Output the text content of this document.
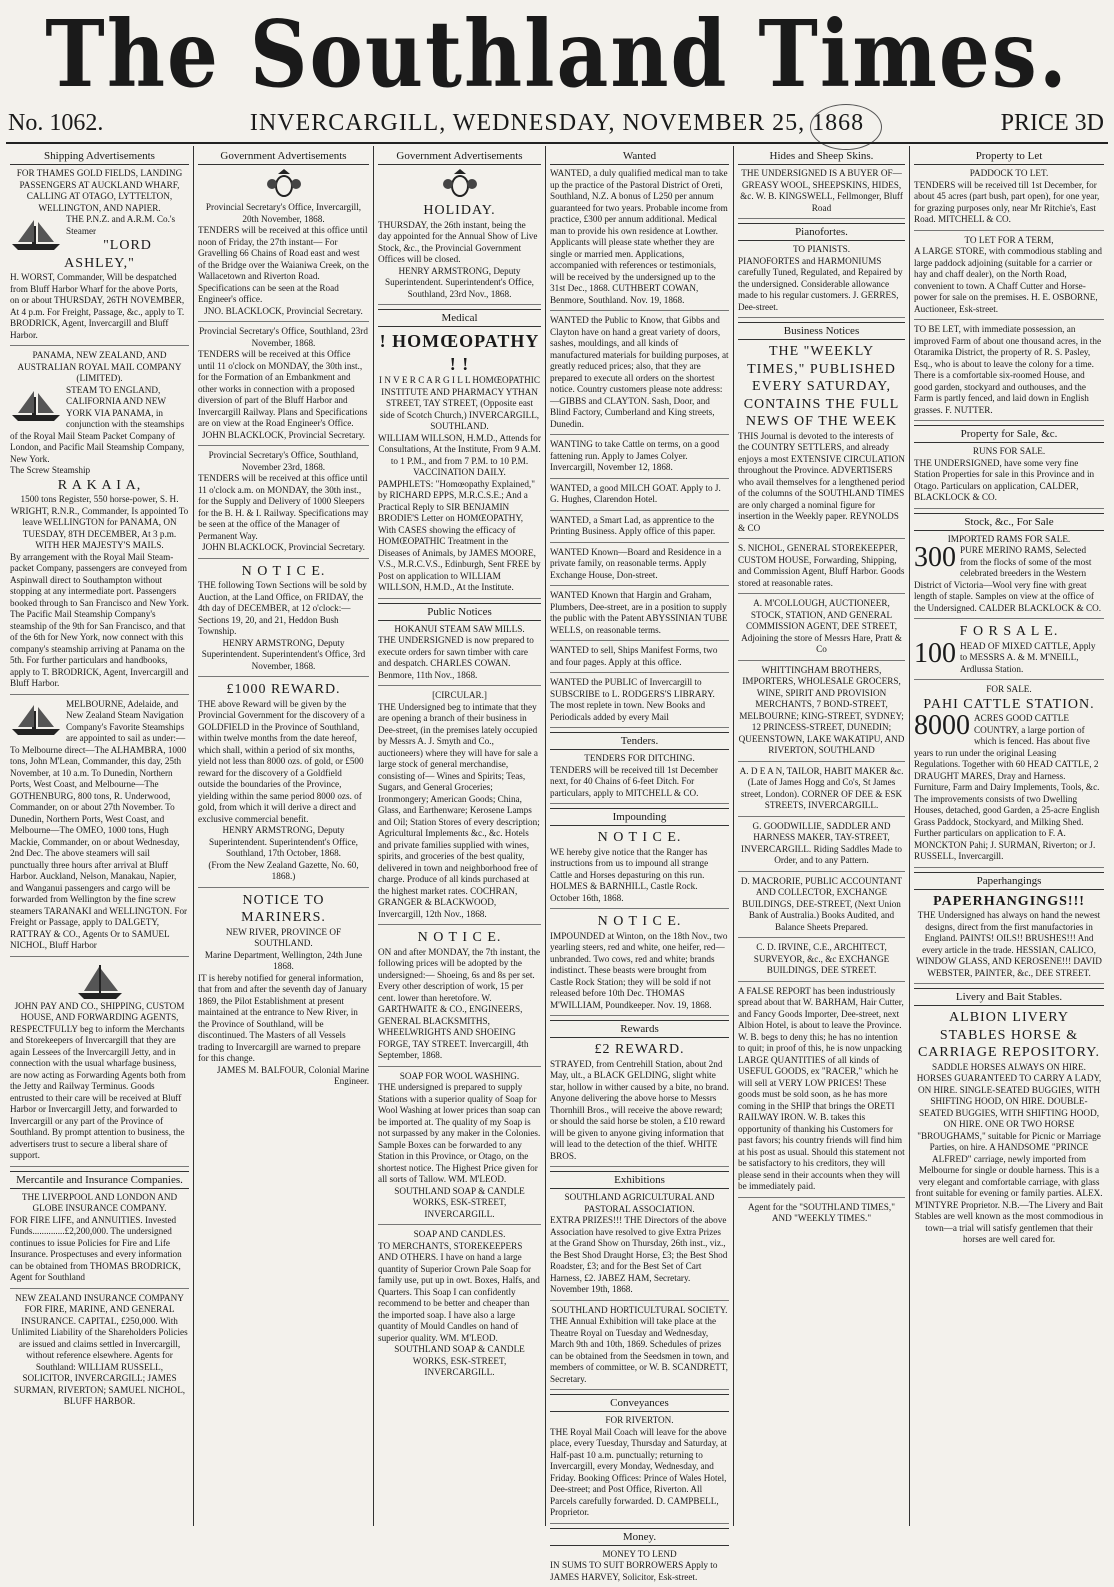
The Southland Times.
No. 1062.	INVERCARGILL, WEDNESDAY, NOVEMBER 25, 1868	PRICE 3D
Shipping Advertisements

FOR THAMES GOLD FIELDS, LANDING PASSENGERS AT AUCKLAND WHARF, CALLING AT OTAGO, LYTTELTON, WELLINGTON, AND NAPIER.

THE P.N.Z. and A.R.M. Co.'s Steamer

"LORD ASHLEY,"

H. WORST, Commander, Will be despatched from Bluff Harbor Wharf for the above Ports, on or about THURSDAY, 26TH NOVEMBER, At 4 p.m. For Freight, Passage, &c., apply to T. BRODRICK, Agent, Invercargill and Bluff Harbor.

PANAMA, NEW ZEALAND, AND AUSTRALIAN ROYAL MAIL COMPANY (LIMITED).

STEAM TO ENGLAND, CALIFORNIA AND NEW YORK VIA PANAMA, in conjunction with the steamships of the Royal Mail Steam Packet Company of London, and Pacific Mail Steamship Company, New York.

The Screw Steamship

R A K A I A,

1500 tons Register, 550 horse-power, S. H. WRIGHT, R.N.R., Commander, Is appointed To leave WELLINGTON for PANAMA, ON TUESDAY, 8TH DECEMBER, At 3 p.m. WITH HER MAJESTY'S MAILS.

By arrangement with the Royal Mail Steam-packet Company, passengers are conveyed from Aspinwall direct to Southampton without stopping at any intermediate port. Passengers booked through to San Francisco and New York. The Pacific Mail Steamship Company's steamship of the 9th for San Francisco, and that of the 6th for New York, now connect with this company's steamship arriving at Panama on the 5th. For further particulars and handbooks, apply to T. BRODRICK, Agent, Invercargill and Bluff Harbor.

MELBOURNE, Adelaide, and New Zealand Steam Navigation Company's Favorite Steamships are appointed to sail as under:— To Melbourne direct—The ALHAMBRA, 1000 tons, John M'Lean, Commander, this day, 25th November, at 10 a.m. To Dunedin, Northern Ports, West Coast, and Melbourne—The GOTHENBURG, 800 tons, R. Underwood, Commander, on or about 27th November. To Dunedin, Northern Ports, West Coast, and Melbourne—The OMEO, 1000 tons, Hugh Mackie, Commander, on or about Wednesday, 2nd Dec. The above steamers will sail punctually three hours after arrival at Bluff Harbor. Auckland, Nelson, Manakau, Napier, and Wanganui passengers and cargo will be forwarded from Wellington by the fine screw steamers TARANAKI and WELLINGTON. For Freight or Passage, apply to DALGETY, RATTRAY & CO., Agents Or to SAMUEL NICHOL, Bluff Harbor

JOHN PAY AND CO., SHIPPING, CUSTOM HOUSE, AND FORWARDING AGENTS,

RESPECTFULLY beg to inform the Merchants and Storekeepers of Invercargill that they are again Lessees of the Invercargill Jetty, and in connection with the usual wharfage business, are now acting as Forwarding Agents both from the Jetty and Railway Terminus. Goods entrusted to their care will be received at Bluff Harbor or Invercargill Jetty, and forwarded to Invercargill or any part of the Province of Southland. By prompt attention to business, the advertisers trust to secure a liberal share of support.

Mercantile and Insurance Companies.

THE LIVERPOOL AND LONDON AND GLOBE INSURANCE COMPANY.

FOR FIRE LIFE, and ANNUITIES. Invested Funds..............£2,200,000. The undersigned continues to issue Policies for Fire and Life Insurance. Prospectuses and every information can be obtained from THOMAS BRODRICK, Agent for Southland

NEW ZEALAND INSURANCE COMPANY FOR FIRE, MARINE, AND GENERAL INSURANCE. CAPITAL, £250,000. With Unlimited Liability of the Shareholders Policies are issued and claims settled in Invercargill, without reference elsewhere. Agents for Southland: WILLIAM RUSSELL, SOLICITOR, INVERCARGILL; JAMES SURMAN, RIVERTON; SAMUEL NICHOL, BLUFF HARBOR.

Government Advertisements

Provincial Secretary's Office, Invercargill, 20th November, 1868.

TENDERS will be received at this office until noon of Friday, the 27th instant— For Gravelling 66 Chains of Road east and west of the Bridge over the Waianiwa Creek, on the Wallacetown and Riverton Road. Specifications can be seen at the Road Engineer's office.

JNO. BLACKLOCK, Provincial Secretary.

Provincial Secretary's Office, Southland, 23rd November, 1868.

TENDERS will be received at this Office until 11 o'clock on MONDAY, the 30th inst., for the Formation of an Embankment and other works in connection with a proposed diversion of part of the Bluff Harbor and Invercargill Railway. Plans and Specifications are on view at the Road Engineer's Office.

JOHN BLACKLOCK, Provincial Secretary.

Provincial Secretary's Office, Southland, November 23rd, 1868.

TENDERS will be received at this office until 11 o'clock a.m. on MONDAY, the 30th inst., for the Supply and Delivery of 1000 Sleepers for the B. H. & I. Railway. Specifications may be seen at the office of the Manager of Permanent Way.

JOHN BLACKLOCK, Provincial Secretary.

N O T I C E.

THE following Town Sections will be sold by Auction, at the Land Office, on FRIDAY, the 4th day of DECEMBER, at 12 o'clock:— Sections 19, 20, and 21, Heddon Bush Township.

HENRY ARMSTRONG, Deputy Superintendent. Superintendent's Office, 3rd November, 1868.

£1000 REWARD.

THE above Reward will be given by the Provincial Government for the discovery of a GOLDFIELD in the Province of Southland, within twelve months from the date hereof, which shall, within a period of six months, yield not less than 8000 ozs. of gold, or £500 reward for the discovery of a Goldfield outside the boundaries of the Province, yielding within the same period 8000 ozs. of gold, from which it will derive a direct and exclusive commercial benefit.

HENRY ARMSTRONG, Deputy Superintendent. Superintendent's Office, Southland, 17th October, 1868.

(From the New Zealand Gazette, No. 60, 1868.)

NOTICE TO MARINERS.

NEW RIVER, PROVINCE OF SOUTHLAND.

Marine Department, Wellington, 24th June 1868.

IT is hereby notified for general information, that from and after the seventh day of January 1869, the Pilot Establishment at present maintained at the entrance to New River, in the Province of Southland, will be discontinued. The Masters of all Vessels trading to Invercargill are warned to prepare for this change.

JAMES M. BALFOUR, Colonial Marine Engineer.

Government Advertisements

HOLIDAY.

THURSDAY, the 26th instant, being the day appointed for the Annual Show of Live Stock, &c., the Provincial Government Offices will be closed.

HENRY ARMSTRONG, Deputy Superintendent. Superintendent's Office, Southland, 23rd Nov., 1868.

Medical

! HOMŒOPATHY ! !

I N V E R C A R G I L L HOMŒOPATHIC INSTITUTE AND PHARMACY YTHAN STREET, TAY STREET, (Opposite east side of Scotch Church,) INVERCARGILL, SOUTHLAND.

WILLIAM WILLSON, H.M.D., Attends for Consultations, At the Institute, From 9 A.M. to 1 P.M., and from 7 P.M. to 10 P.M. VACCINATION DAILY.

PAMPHLETS: "Homœopathy Explained," by RICHARD EPPS, M.R.C.S.E.; And a Practical Reply to SIR BENJAMIN BRODIE'S Letter on HOMŒOPATHY, With CASES showing the efficacy of HOMŒOPATHIC Treatment in the Diseases of Animals, by JAMES MOORE, V.S., M.R.C.V.S., Edinburgh, Sent FREE by Post on application to WILLIAM WILLSON, H.M.D., At the Institute.

Public Notices

HOKANUI STEAM SAW MILLS.

THE UNDERSIGNED is now prepared to execute orders for sawn timber with care and despatch. CHARLES COWAN. Benmore, 11th Nov., 1868.

[CIRCULAR.]

THE Undersigned beg to intimate that they are opening a branch of their business in Dee-street, (in the premises lately occupied by Messrs A. J. Smyth and Co., auctioneers) where they will have for sale a large stock of general merchandise, consisting of— Wines and Spirits; Teas, Sugars, and General Groceries; Ironmongery; American Goods; China, Glass, and Earthenware; Kerosene Lamps and Oil; Station Stores of every description; Agricultural Implements &c., &c. Hotels and private families supplied with wines, spirits, and groceries of the best quality, delivered in town and neighborhood free of charge. Produce of all kinds purchased at the highest market rates. COCHRAN, GRANGER & BLACKWOOD, Invercargill, 12th Nov., 1868.

N O T I C E.

ON and after MONDAY, the 7th instant, the following prices will be adopted by the undersigned:— Shoeing, 6s and 8s per set. Every other description of work, 15 per cent. lower than heretofore. W. GARTHWAITE & CO., ENGINEERS, GENERAL BLACKSMITHS, WHEELWRIGHTS AND SHOEING FORGE, TAY STREET. Invercargill, 4th September, 1868.

SOAP FOR WOOL WASHING.

THE undersigned is prepared to supply Stations with a superior quality of Soap for Wool Washing at lower prices than soap can be imported at. The quality of my Soap is not surpassed by any maker in the Colonies. Sample Boxes can be forwarded to any Station in this Province, or Otago, on the shortest notice. The Highest Price given for all sorts of Tallow. WM. M'LEOD.

SOUTHLAND SOAP & CANDLE WORKS, ESK-STREET, INVERCARGILL.

SOAP AND CANDLES.

TO MERCHANTS, STOREKEEPERS AND OTHERS. I have on hand a large quantity of Superior Crown Pale Soap for family use, put up in owt. Boxes, Halfs, and Quarters. This Soap I can confidently recommend to be better and cheaper than the imported soap. I have also a large quantity of Mould Candles on hand of superior quality. WM. M'LEOD.

SOUTHLAND SOAP & CANDLE WORKS, ESK-STREET, INVERCARGILL.

Wanted

WANTED, a duly qualified medical man to take up the practice of the Pastoral District of Oreti, Southland, N.Z. A bonus of L250 per annum guaranteed for two years. Probable income from practice, £300 per annum additional. Medical man to provide his own residence at Lowther. Applicants will please state whether they are single or married men. Applications, accompanied with references or testimonials, will be received by the undersigned up to the 31st Dec., 1868. CUTHBERT COWAN, Benmore, Southland. Nov. 19, 1868.

WANTED the Public to Know, that Gibbs and Clayton have on hand a great variety of doors, sashes, mouldings, and all kinds of manufactured materials for building purposes, at greatly reduced prices; also, that they are prepared to execute all orders on the shortest notice. Country customers please note address:—GIBBS and CLAYTON. Sash, Door, and Blind Factory, Cumberland and King streets, Dunedin.

WANTING to take Cattle on terms, on a good fattening run. Apply to James Colyer. Invercargill, November 12, 1868.

WANTED, a good MILCH GOAT. Apply to J. G. Hughes, Clarendon Hotel.

WANTED, a Smart Lad, as apprentice to the Printing Business. Apply office of this paper.

WANTED Known—Board and Residence in a private family, on reasonable terms. Apply Exchange House, Don-street.

WANTED Known that Hargin and Graham, Plumbers, Dee-street, are in a position to supply the public with the Patent ABYSSINIAN TUBE WELLS, on reasonable terms.

WANTED to sell, Ships Manifest Forms, two and four pages. Apply at this office.

WANTED the PUBLIC of Invercargill to SUBSCRIBE to L. RODGERS'S LIBRARY. The most replete in town. New Books and Periodicals added by every Mail

Tenders.

TENDERS FOR DITCHING.

TENDERS will be received till 1st December next, for 40 Chains of 6-feet Ditch. For particulars, apply to MITCHELL & CO.

Impounding

N O T I C E.

WE hereby give notice that the Ranger has instructions from us to impound all strange Cattle and Horses depasturing on this run. HOLMES & BARNHILL, Castle Rock. October 16th, 1868.

N O T I C E.

IMPOUNDED at Winton, on the 18th Nov., two yearling steers, red and white, one heifer, red—unbranded. Two cows, red and white; brands indistinct. These beasts were brought from Castle Rock Station; they will be sold if not released before 10th Dec. THOMAS M'WILLIAM, Poundkeeper. Nov. 19, 1868.

Rewards

£2 REWARD.

STRAYED, from Centrehill Station, about 2nd May, ult., a BLACK GELDING, slight white star, hollow in wither caused by a bite, no brand. Anyone delivering the above horse to Messrs Thornhill Bros., will receive the above reward; or should the said horse be stolen, a £10 reward will be given to anyone giving information that will lead to the detection of the thief. WHITE BROS.

Exhibitions

SOUTHLAND AGRICULTURAL AND PASTORAL ASSOCIATION.

EXTRA PRIZES!!! THE Directors of the above Association have resolved to give Extra Prizes at the Grand Show on Thursday, 26th inst., viz., the Best Shod Draught Horse, £3; the Best Shod Roadster, £3; and for the Best Set of Cart Harness, £2. JABEZ HAM, Secretary. November 19th, 1868.

SOUTHLAND HORTICULTURAL SOCIETY.

THE Annual Exhibition will take place at the Theatre Royal on Tuesday and Wednesday, March 9th and 10th, 1869. Schedules of prizes can be obtained from the Seedsmen in town, and members of committee, or W. B. SCANDRETT, Secretary.

Conveyances

FOR RIVERTON.

THE Royal Mail Coach will leave for the above place, every Tuesday, Thursday and Saturday, at Half-past 10 a.m. punctually; returning to Invercargill, every Monday, Wednesday, and Friday. Booking Offices: Prince of Wales Hotel, Dee-street; and Post Office, Riverton. All Parcels carefully forwarded. D. CAMPBELL, Proprietor.

Money.

MONEY TO LEND

IN SUMS TO SUIT BORROWERS Apply to JAMES HARVEY, Solicitor, Esk-street.

Hides and Sheep Skins.

THE UNDERSIGNED IS A BUYER OF— GREASY WOOL, SHEEPSKINS, HIDES, &c. W. B. KINGSWELL, Fellmonger, Bluff Road

Pianofortes.

TO PIANISTS.

PIANOFORTES and HARMONIUMS carefully Tuned, Regulated, and Repaired by the undersigned. Considerable allowance made to his regular customers. J. GERRES, Dee-street.

Business Notices

THE "WEEKLY TIMES," PUBLISHED EVERY SATURDAY, CONTAINS THE FULL NEWS OF THE WEEK

THIS Journal is devoted to the interests of the COUNTRY SETTLERS, and already enjoys a most EXTENSIVE CIRCULATION throughout the Province. ADVERTISERS who avail themselves for a lengthened period of the columns of the SOUTHLAND TIMES are only charged a nominal figure for insertion in the Weekly paper. REYNOLDS & CO

S. NICHOL, GENERAL STOREKEEPER, CUSTOM HOUSE, Forwarding, Shipping, and Commission Agent, Bluff Harbor. Goods stored at reasonable rates.

A. M'COLLOUGH, AUCTIONEER, STOCK, STATION, AND GENERAL COMMISSION AGENT, DEE STREET, Adjoining the store of Messrs Hare, Pratt & Co

WHITTINGHAM BROTHERS, IMPORTERS, WHOLESALE GROCERS, WINE, SPIRIT AND PROVISION MERCHANTS, 7 BOND-STREET, MELBOURNE; KING-STREET, SYDNEY; 12 PRINCESS-STREET, DUNEDIN; QUEENSTOWN, LAKE WAKATIPU, AND RIVERTON, SOUTHLAND

A. D E A N, TAILOR, HABIT MAKER &c. (Late of James Hogg and Co's, St James street, London). CORNER OF DEE & ESK STREETS, INVERCARGILL.

G. GOODWILLIE, SADDLER AND HARNESS MAKER, TAY-STREET, INVERCARGILL. Riding Saddles Made to Order, and to any Pattern.

D. MACRORIE, PUBLIC ACCOUNTANT AND COLLECTOR, EXCHANGE BUILDINGS, DEE-STREET, (Next Union Bank of Australia.) Books Audited, and Balance Sheets Prepared.

C. D. IRVINE, C.E., ARCHITECT, SURVEYOR, &c., &c EXCHANGE BUILDINGS, DEE STREET.

A FALSE REPORT has been industriously spread about that W. BARHAM, Hair Cutter, and Fancy Goods Importer, Dee-street, next Albion Hotel, is about to leave the Province. W. B. begs to deny this; he has no intention to quit; in proof of this, he is now unpacking LARGE QUANTITIES of all kinds of USEFUL GOODS, ex "RACER," which he will sell at VERY LOW PRICES! These goods must be sold soon, as he has more coming in the SHIP that brings the ORETI RAILWAY IRON. W. B. takes this opportunity of thanking his Customers for past favors; his country friends will find him at his post as usual. Should this statement not be satisfactory to his creditors, they will please send in their accounts when they will be immediately paid.

Agent for the "SOUTHLAND TIMES," AND "WEEKLY TIMES."

Property to Let

PADDOCK TO LET.

TENDERS will be received till 1st December, for about 45 acres (part bush, part open), for one year, for grazing purposes only, near Mr Ritchie's, East Road. MITCHELL & CO.

TO LET FOR A TERM,

A LARGE STORE, with commodious stabling and large paddock adjoining (suitable for a carrier or hay and chaff dealer), on the North Road, convenient to town. A Chaff Cutter and Horse-power for sale on the premises. H. E. OSBORNE, Auctioneer, Esk-street.

TO BE LET, with immediate possession, an improved Farm of about one thousand acres, in the Otaramika District, the property of R. S. Pasley, Esq., who is about to leave the colony for a time. There is a comfortable six-roomed House, and good garden, stockyard and outhouses, and the Farm is partly fenced, and laid down in English grasses. F. NUTTER.

Property for Sale, &c.

RUNS FOR SALE.

THE UNDERSIGNED, have some very fine Station Properties for sale in this Province and in Otago. Particulars on application, CALDER, BLACKLOCK & CO.

Stock, &c., For Sale

IMPORTED RAMS FOR SALE.

300 PURE MERINO RAMS, Selected from the flocks of some of the most celebrated breeders in the Western District of Victoria—Wool very fine with great length of staple. Samples on view at the office of the Undersigned. CALDER BLACKLOCK & CO.

F O R S A L E.

100 HEAD OF MIXED CATTLE, Apply to MESSRS A. & M. M'NEILL, Ardlussa Station.

FOR SALE.

PAHI CATTLE STATION.

8000 ACRES GOOD CATTLE COUNTRY, a large portion of which is fenced. Has about five years to run under the original Leasing Regulations. Together with 60 HEAD CATTLE, 2 DRAUGHT MARES, Dray and Harness. Furniture, Farm and Dairy Implements, Tools, &c. The improvements consists of two Dwelling Houses, detached, good Garden, a 25-acre English Grass Paddock, Stockyard, and Milking Shed. Further particulars on application to F. A. MONCKTON Pahi; J. SURMAN, Riverton; or J. RUSSELL, Invercargill.

Paperhangings

PAPERHANGINGS!!!

THE Undersigned has always on hand the newest designs, direct from the first manufactories in England. PAINTS! OILS!! BRUSHES!!! And every article in the trade. HESSIAN, CALICO, WINDOW GLASS, AND KEROSENE!!! DAVID WEBSTER, PAINTER, &c., DEE STREET.

Livery and Bait Stables.

ALBION LIVERY STABLES HORSE & CARRIAGE REPOSITORY.

SADDLE HORSES ALWAYS ON HIRE. HORSES GUARANTEED TO CARRY A LADY, ON HIRE. SINGLE-SEATED BUGGIES, WITH SHIFTING HOOD, ON HIRE. DOUBLE-SEATED BUGGIES, WITH SHIFTING HOOD, ON HIRE. ONE OR TWO HORSE "BROUGHAMS," suitable for Picnic or Marriage Parties, on hire. A HANDSOME "PRINCE ALFRED" carriage, newly imported from Melbourne for single or double harness. This is a very elegant and comfortable carriage, with glass front suitable for evening or family parties. ALEX. M'INTYRE Proprietor. N.B.—The Livery and Bait Stables are well known as the most commodious in town—a trial will satisfy gentlemen that their horses are well cared for.
